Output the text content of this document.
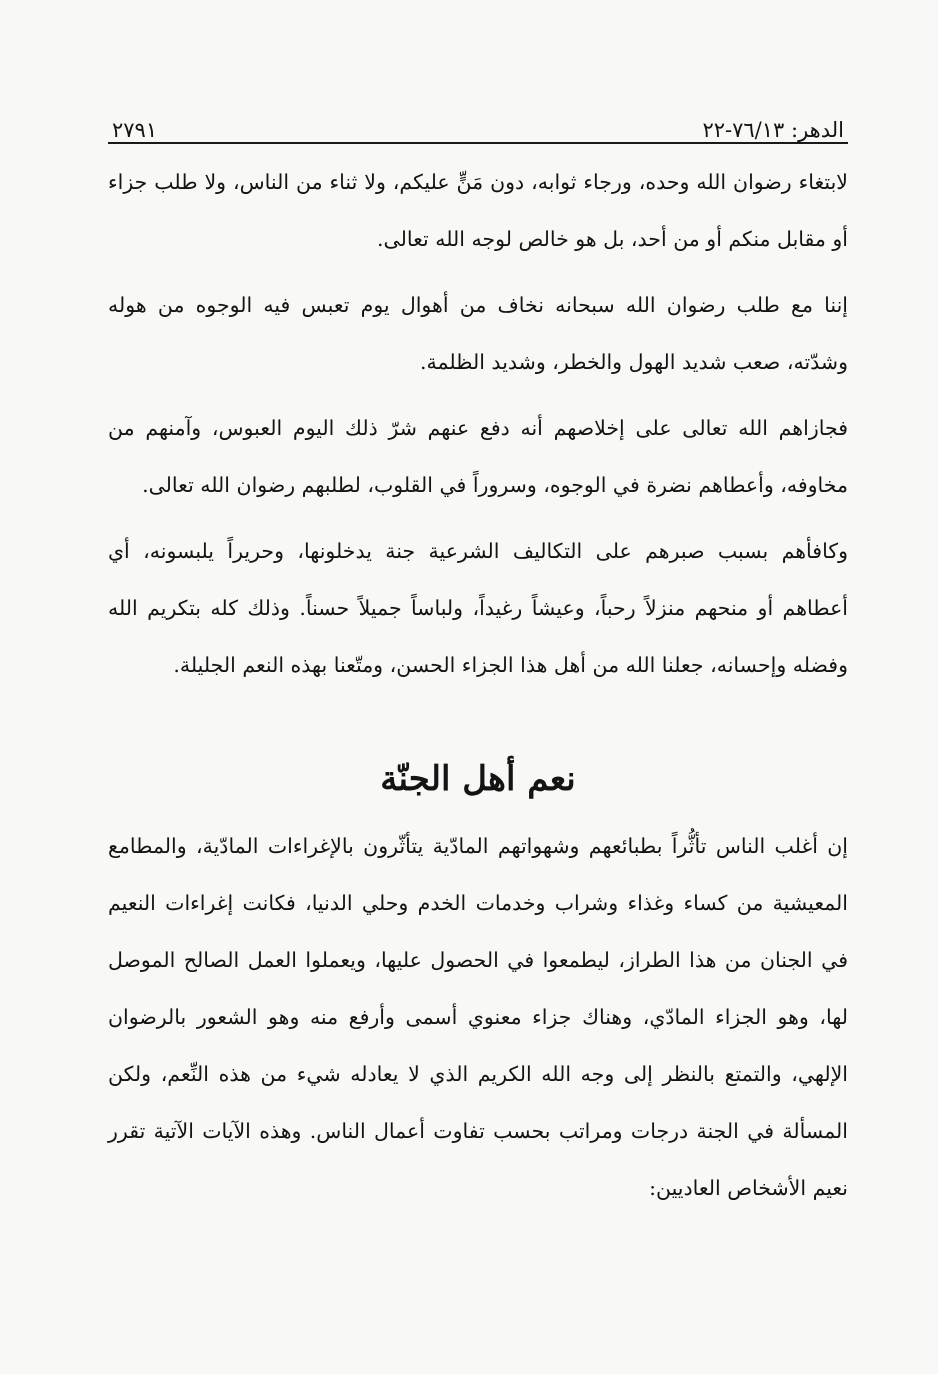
الدهر: ٧٦/١٣-٢٢
٢٧٩١

لابتغاء رضوان الله وحده، ورجاء ثوابه، دون مَنٍّ عليكم، ولا ثناء من الناس، ولا طلب جزاء أو مقابل منكم أو من أحد، بل هو خالص لوجه الله تعالى.

إننا مع طلب رضوان الله سبحانه نخاف من أهوال يوم تعبس فيه الوجوه من هوله وشدّته، صعب شديد الهول والخطر، وشديد الظلمة.

فجازاهم الله تعالى على إخلاصهم أنه دفع عنهم شرّ ذلك اليوم العبوس، وآمنهم من مخاوفه، وأعطاهم نضرة في الوجوه، وسروراً في القلوب، لطلبهم رضوان الله تعالى.

وكافأهم بسبب صبرهم على التكاليف الشرعية جنة يدخلونها، وحريراً يلبسونه، أي أعطاهم أو منحهم منزلاً رحباً، وعيشاً رغيداً، ولباساً جميلاً حسناً. وذلك كله بتكريم الله وفضله وإحسانه، جعلنا الله من أهل هذا الجزاء الحسن، ومتّعنا بهذه النعم الجليلة.

نعم أهل الجنّة

إن أغلب الناس تأثُّراً بطبائعهم وشهواتهم المادّية يتأثّرون بالإغراءات المادّية، والمطامع المعيشية من كساء وغذاء وشراب وخدمات الخدم وحلي الدنيا، فكانت إغراءات النعيم في الجنان من هذا الطراز، ليطمعوا في الحصول عليها، ويعملوا العمل الصالح الموصل لها، وهو الجزاء المادّي، وهناك جزاء معنوي أسمى وأرفع منه وهو الشعور بالرضوان الإلهي، والتمتع بالنظر إلى وجه الله الكريم الذي لا يعادله شيء من هذه النِّعم، ولكن المسألة في الجنة درجات ومراتب بحسب تفاوت أعمال الناس. وهذه الآيات الآتية تقرر نعيم الأشخاص العاديين:
